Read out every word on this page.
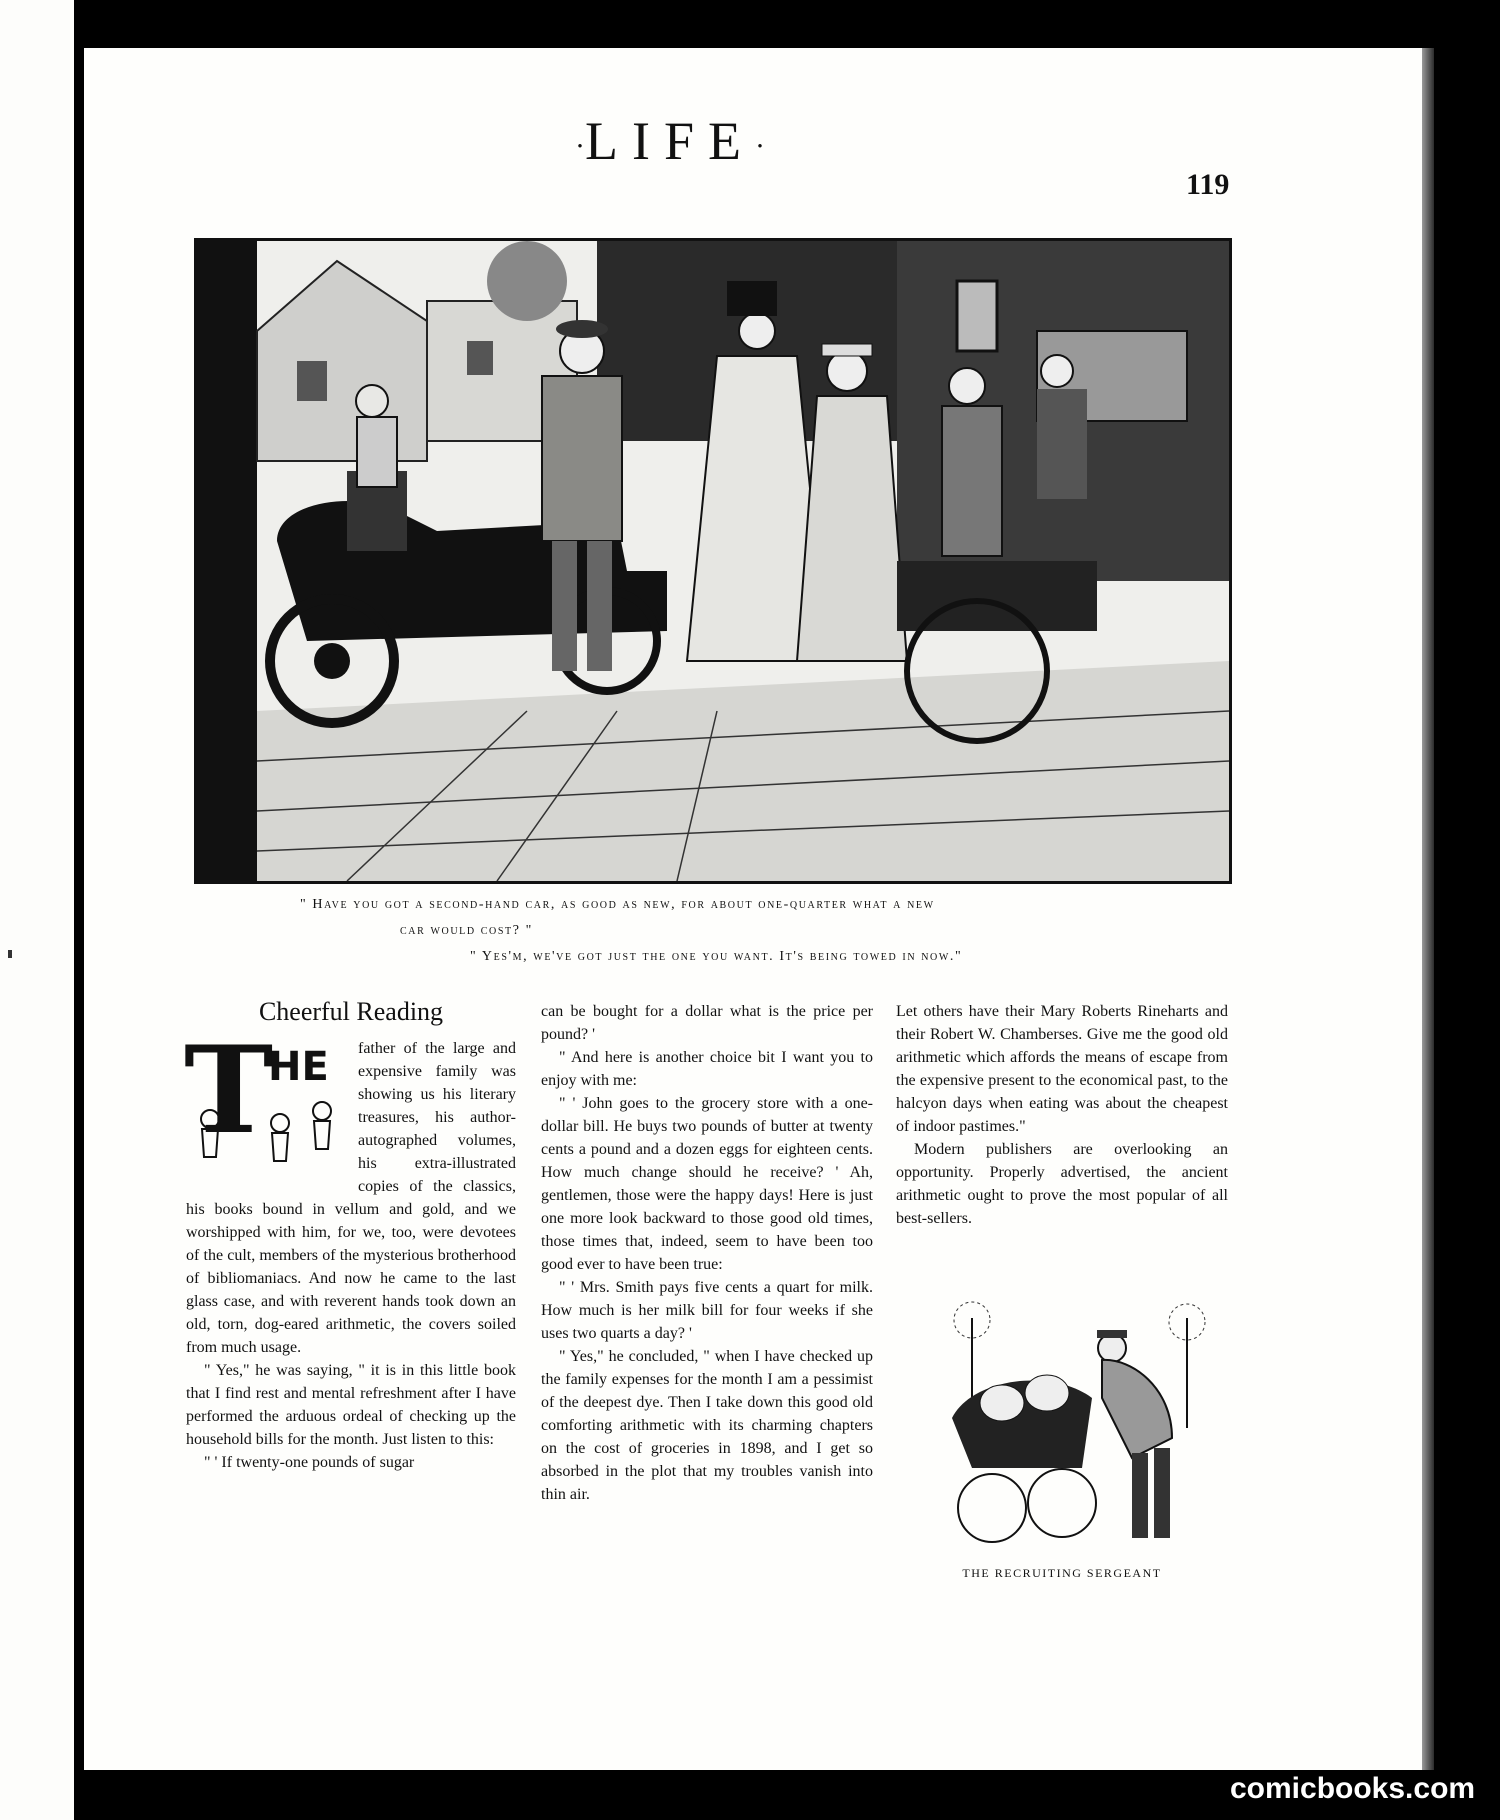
·LIFE·
119
" Have you got a second-hand car, as good as new, for about one-quarter what a new
car would cost? "
" Yes'm, we've got just the one you want. It's being towed in now."
Cheerful Reading
T
HE	father of the large and expensive family was showing us his literary treasures, his author-autographed volumes, his extra-illustrated copies of the classics, his books bound in vellum and gold, and we worshipped with him, for we, too, were devotees of the cult, members of the mysterious brotherhood of bibliomaniacs. And now he came to the last glass case, and with reverent hands took down an old, torn, dog-eared arithmetic, the covers soiled from much usage.

" Yes," he was saying, " it is in this little book that I find rest and mental refreshment after I have performed the arduous ordeal of checking up the household bills for the month. Just listen to this:

" ' If twenty-one pounds of sugar

can be bought for a dollar what is the price per pound? '

" And here is another choice bit I want you to enjoy with me:

" ' John goes to the grocery store with a one-dollar bill. He buys two pounds of butter at twenty cents a pound and a dozen eggs for eighteen cents. How much change should he receive? ' Ah, gentlemen, those were the happy days! Here is just one more look backward to those good old times, those times that, indeed, seem to have been too good ever to have been true:

" ' Mrs. Smith pays five cents a quart for milk. How much is her milk bill for four weeks if she uses two quarts a day? '

" Yes," he concluded, " when I have checked up the family expenses for the month I am a pessimist of the deepest dye. Then I take down this good old comforting arithmetic with its charming chapters on the cost of groceries in 1898, and I get so absorbed in the plot that my troubles vanish into thin air.

Let others have their Mary Roberts Rineharts and their Robert W. Chamberses. Give me the good old arithmetic which affords the means of escape from the expensive present to the economical past, to the halcyon days when eating was about the cheapest of indoor pastimes."

Modern publishers are overlooking an opportunity. Properly advertised, the ancient arithmetic ought to prove the most popular of all best-sellers.

THE RECRUITING SERGEANT
comicbooks.com
